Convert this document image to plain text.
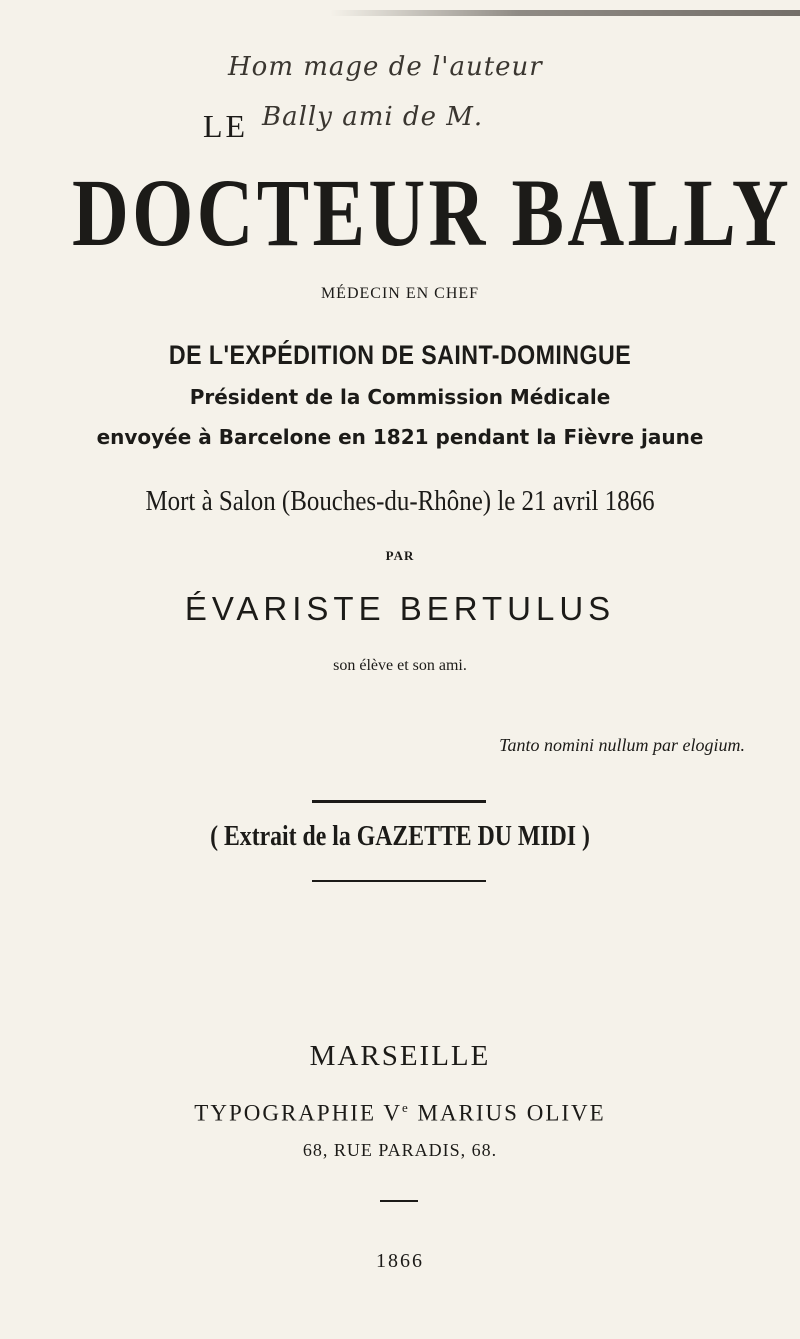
Hom mage de l'auteur
Bally ami de M.
LE
DOCTEUR BALLY
MÉDECIN EN CHEF
DE L'EXPÉDITION DE SAINT-DOMINGUE
Président de la Commission Médicale
envoyée à Barcelone en 1821 pendant la Fièvre jaune
Mort à Salon (Bouches-du-Rhône) le 21 avril 1866
PAR
ÉVARISTE BERTULUS
son élève et son ami.
Tanto nomini nullum par elogium.
( Extrait de la GAZETTE DU MIDI )
MARSEILLE
TYPOGRAPHIE Ve MARIUS OLIVE
68, RUE PARADIS, 68.
1866
